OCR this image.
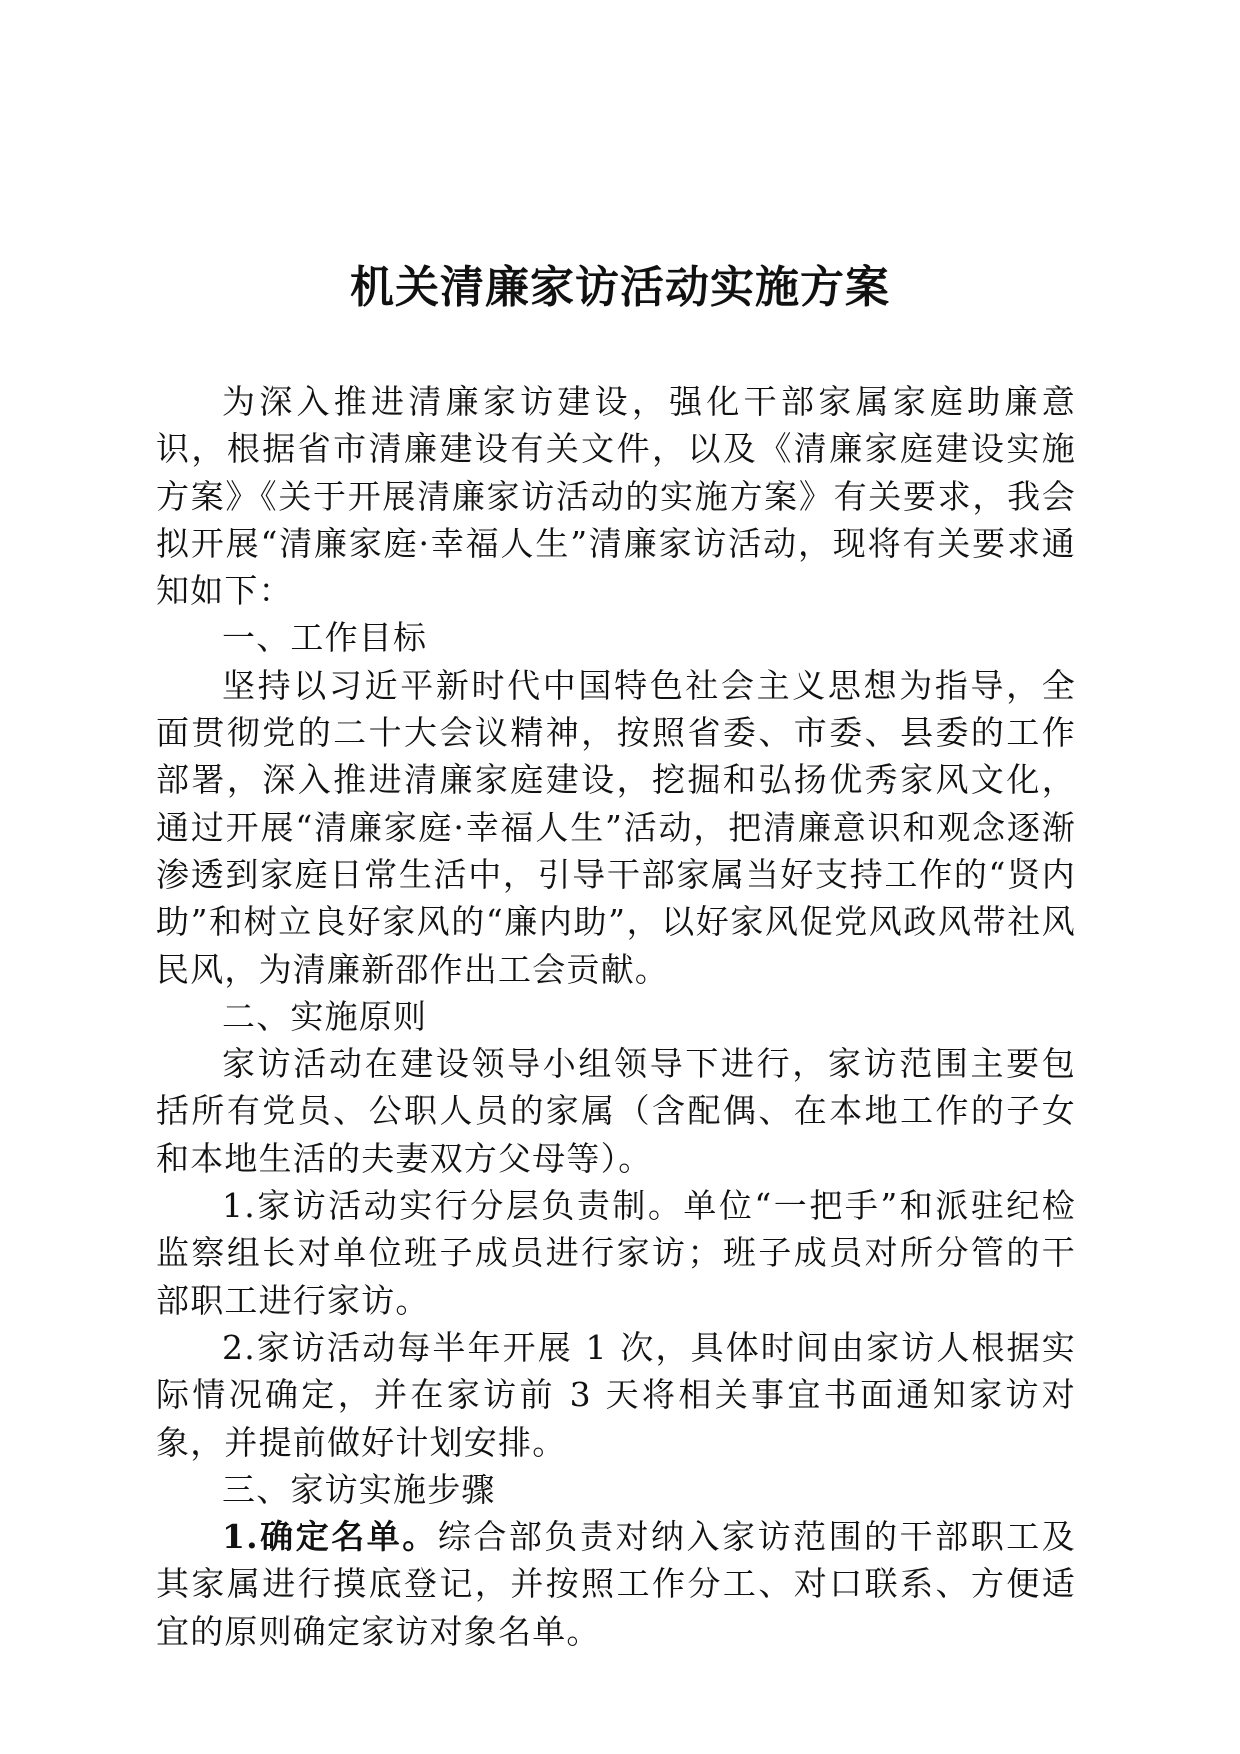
机关清廉家访活动实施方案

为深入推进清廉家访建设，强化干部家属家庭助廉意识，根据省市清廉建设有关文件，以及《清廉家庭建设实施方案》《关于开展清廉家访活动的实施方案》有关要求，我会拟开展“清廉家庭·幸福人生”清廉家访活动，现将有关要求通知如下：

一、工作目标

坚持以习近平新时代中国特色社会主义思想为指导，全面贯彻党的二十大会议精神，按照省委、市委、县委的工作部署，深入推进清廉家庭建设，挖掘和弘扬优秀家风文化，通过开展“清廉家庭·幸福人生”活动，把清廉意识和观念逐渐渗透到家庭日常生活中，引导干部家属当好支持工作的“贤内助”和树立良好家风的“廉内助”，以好家风促党风政风带社风民风，为清廉新邵作出工会贡献。

二、实施原则

家访活动在建设领导小组领导下进行，家访范围主要包括所有党员、公职人员的家属（含配偶、在本地工作的子女和本地生活的夫妻双方父母等）。

1.家访活动实行分层负责制。单位“一把手”和派驻纪检监察组长对单位班子成员进行家访；班子成员对所分管的干部职工进行家访。

2.家访活动每半年开展 1 次，具体时间由家访人根据实际情况确定，并在家访前 3 天将相关事宜书面通知家访对象，并提前做好计划安排。

三、家访实施步骤

1.确定名单。综合部负责对纳入家访范围的干部职工及其家属进行摸底登记，并按照工作分工、对口联系、方便适宜的原则确定家访对象名单。
